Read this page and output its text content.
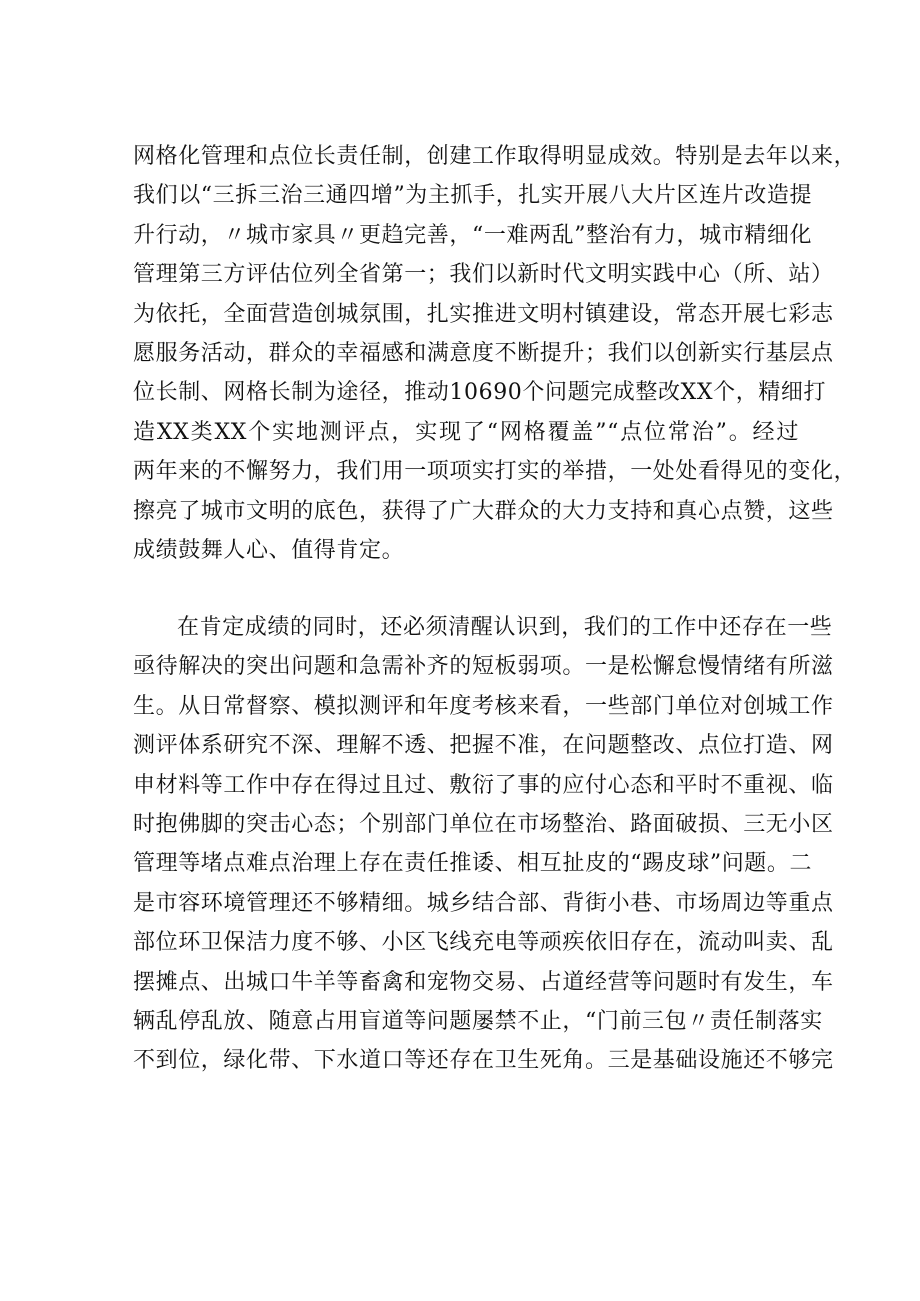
网格化管理和点位长责任制，创建工作取得明显成效。特别是去年以来，
我们以“三拆三治三通四增”为主抓手，扎实开展八大片区连片改造提
升行动，〃城市家具〃更趋完善，“一难两乱”整治有力，城市精细化
管理第三方评估位列全省第一；我们以新时代文明实践中心（所、站）
为依托，全面营造创城氛围，扎实推进文明村镇建设，常态开展七彩志
愿服务活动，群众的幸福感和满意度不断提升；我们以创新实行基层点
位长制、网格长制为途径，推动10690个问题完成整改XX个，精细打
造XX类XX个实地测评点，实现了“网格覆盖”“点位常治”。经过
两年来的不懈努力，我们用一项项实打实的举措，一处处看得见的变化，
擦亮了城市文明的底色，获得了广大群众的大力支持和真心点赞，这些
成绩鼓舞人心、值得肯定。
在肯定成绩的同时，还必须清醒认识到，我们的工作中还存在一些
亟待解决的突出问题和急需补齐的短板弱项。一是松懈怠慢情绪有所滋
生。从日常督察、模拟测评和年度考核来看，一些部门单位对创城工作
测评体系研究不深、理解不透、把握不准，在问题整改、点位打造、网
申材料等工作中存在得过且过、敷衍了事的应付心态和平时不重视、临
时抱佛脚的突击心态；个别部门单位在市场整治、路面破损、三无小区
管理等堵点难点治理上存在责任推诿、相互扯皮的“踢皮球”问题。二
是市容环境管理还不够精细。城乡结合部、背街小巷、市场周边等重点
部位环卫保洁力度不够、小区飞线充电等顽疾依旧存在，流动叫卖、乱
摆摊点、出城口牛羊等畜禽和宠物交易、占道经营等问题时有发生，车
辆乱停乱放、随意占用盲道等问题屡禁不止，“门前三包〃责任制落实
不到位，绿化带、下水道口等还存在卫生死角。三是基础设施还不够完
